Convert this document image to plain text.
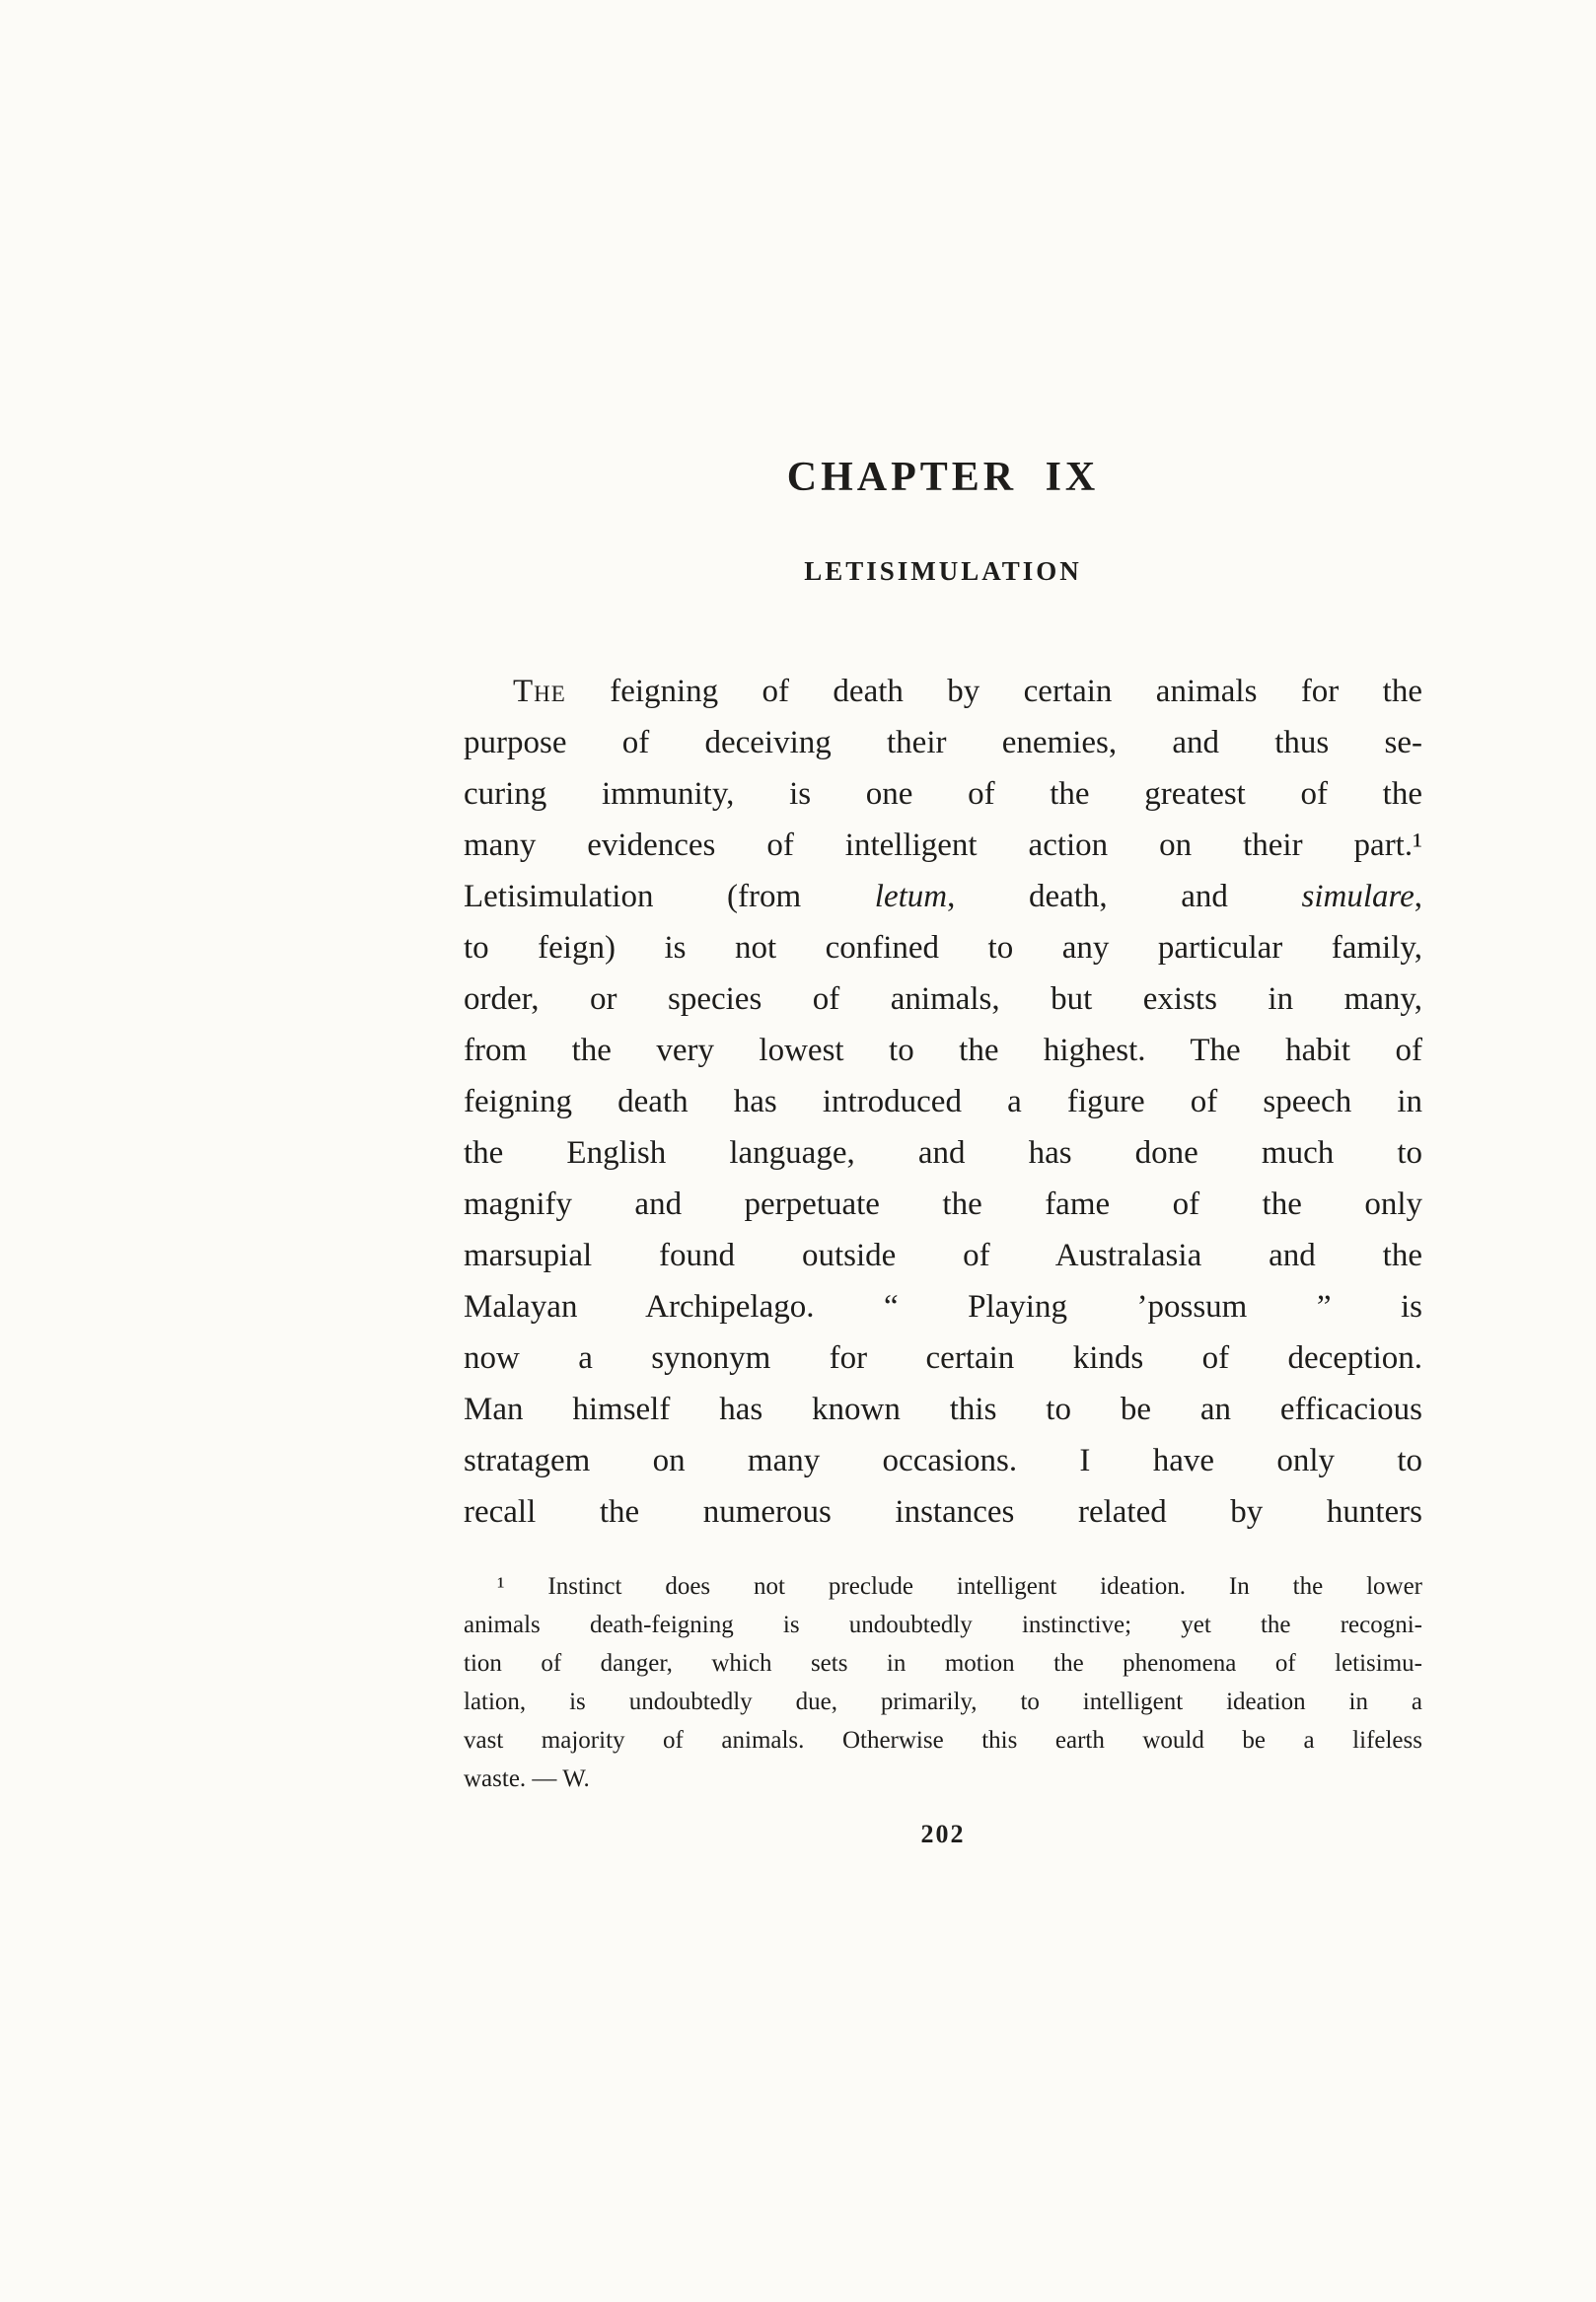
CHAPTER IX
LETISIMULATION
The feigning of death by certain animals for the
purpose of deceiving their enemies, and thus se-
curing immunity, is one of the greatest of the
many evidences of intelligent action on their part.¹
Letisimulation (from letum, death, and simulare,
to feign) is not confined to any particular family,
order, or species of animals, but exists in many,
from the very lowest to the highest. The habit of
feigning death has introduced a figure of speech in
the English language, and has done much to
magnify and perpetuate the fame of the only
marsupial found outside of Australasia and the
Malayan Archipelago. “ Playing ’possum ” is
now a synonym for certain kinds of deception.
Man himself has known this to be an efficacious
stratagem on many occasions. I have only to
recall the numerous instances related by hunters
¹ Instinct does not preclude intelligent ideation. In the lower
animals death-feigning is undoubtedly instinctive; yet the recogni-
tion of danger, which sets in motion the phenomena of letisimu-
lation, is undoubtedly due, primarily, to intelligent ideation in a
vast majority of animals. Otherwise this earth would be a lifeless
waste. — W.
202
